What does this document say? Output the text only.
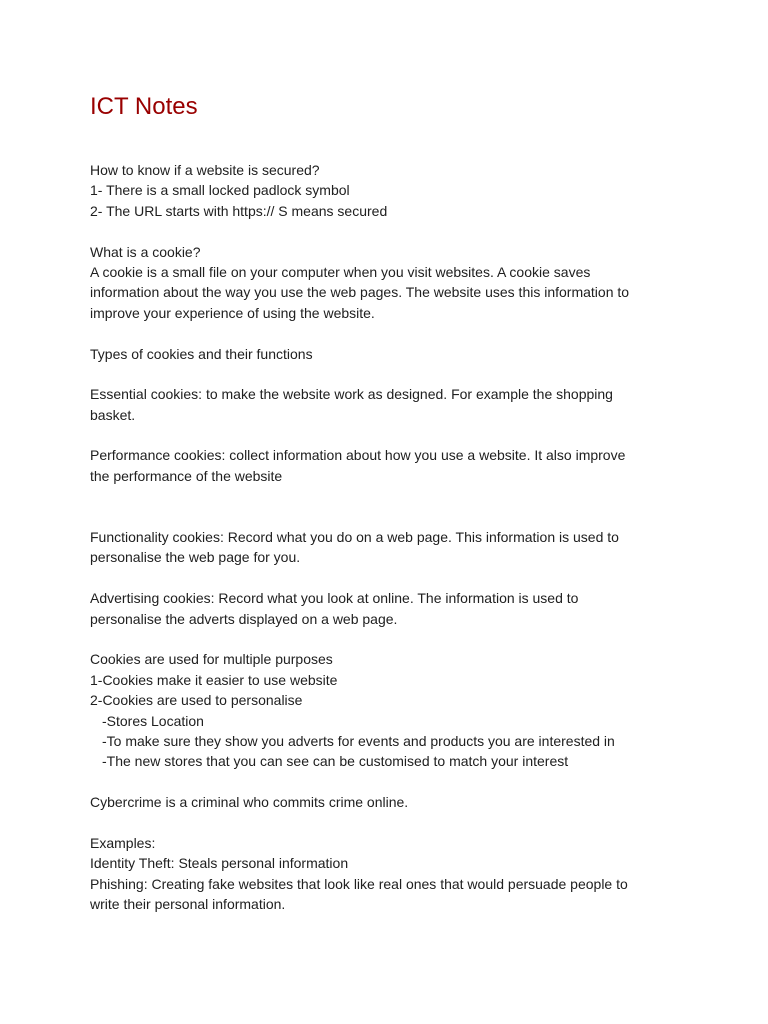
ICT Notes
How to know if a website is secured?
1- There is a small locked padlock symbol
2- The URL starts with https:// S means secured
What is a cookie?
A cookie is a small file on your computer when you visit websites. A cookie saves
information about the way you use the web pages. The website uses this information to
improve your experience of using the website.
Types of cookies and their functions
Essential cookies: to make the website work as designed. For example the shopping
basket.
Performance cookies: collect information about how you use a website. It also improve
the performance of the website
Functionality cookies: Record what you do on a web page. This information is used to
personalise the web page for you.
Advertising cookies: Record what you look at online. The information is used to
personalise the adverts displayed on a web page.
Cookies are used for multiple purposes
1-Cookies make it easier to use website
2-Cookies are used to personalise
-Stores Location
-To make sure they show you adverts for events and products you are interested in
-The new stores that you can see can be customised to match your interest
Cybercrime is a criminal who commits crime online.
Examples:
Identity Theft: Steals personal information
Phishing: Creating fake websites that look like real ones that would persuade people to
write their personal information.
